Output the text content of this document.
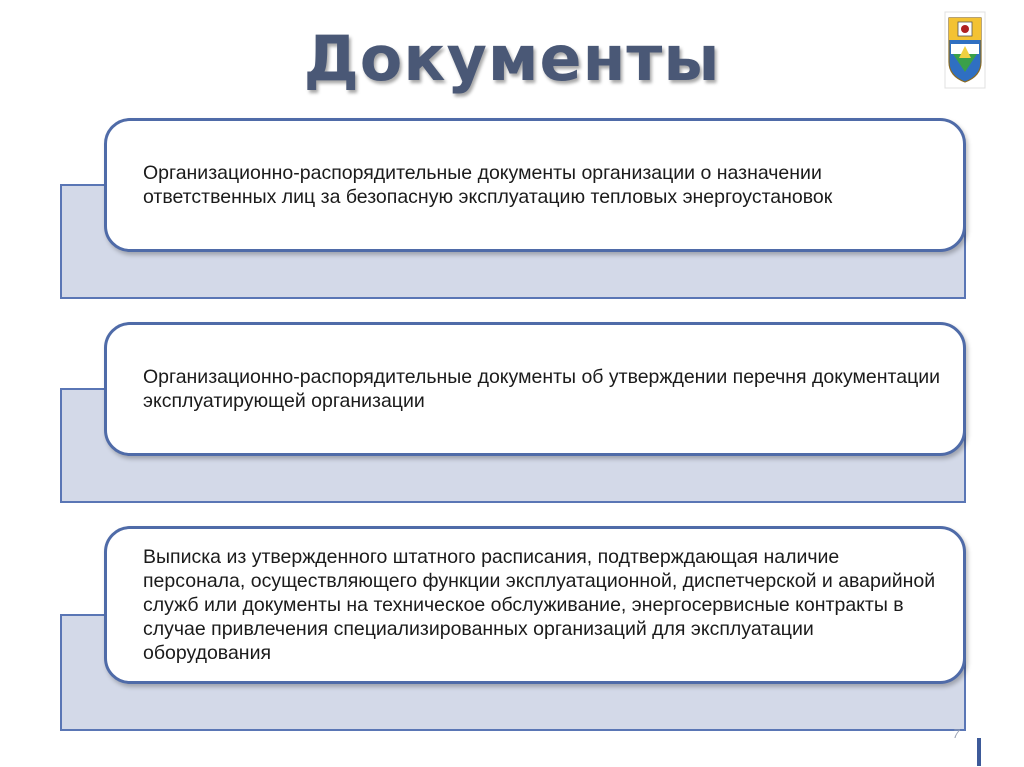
Документы
Организационно-распорядительные документы организации о назначении ответственных лиц за безопасную эксплуатацию тепловых энергоустановок
Организационно-распорядительные документы об утверждении перечня документации эксплуатирующей организации
Выписка из утвержденного штатного расписания, подтверждающая наличие персонала, осуществляющего функции эксплуатационной, диспетчерской и аварийной служб или документы на техническое обслуживание, энергосервисные контракты в случае привлечения специализированных организаций для эксплуатации оборудования
7
